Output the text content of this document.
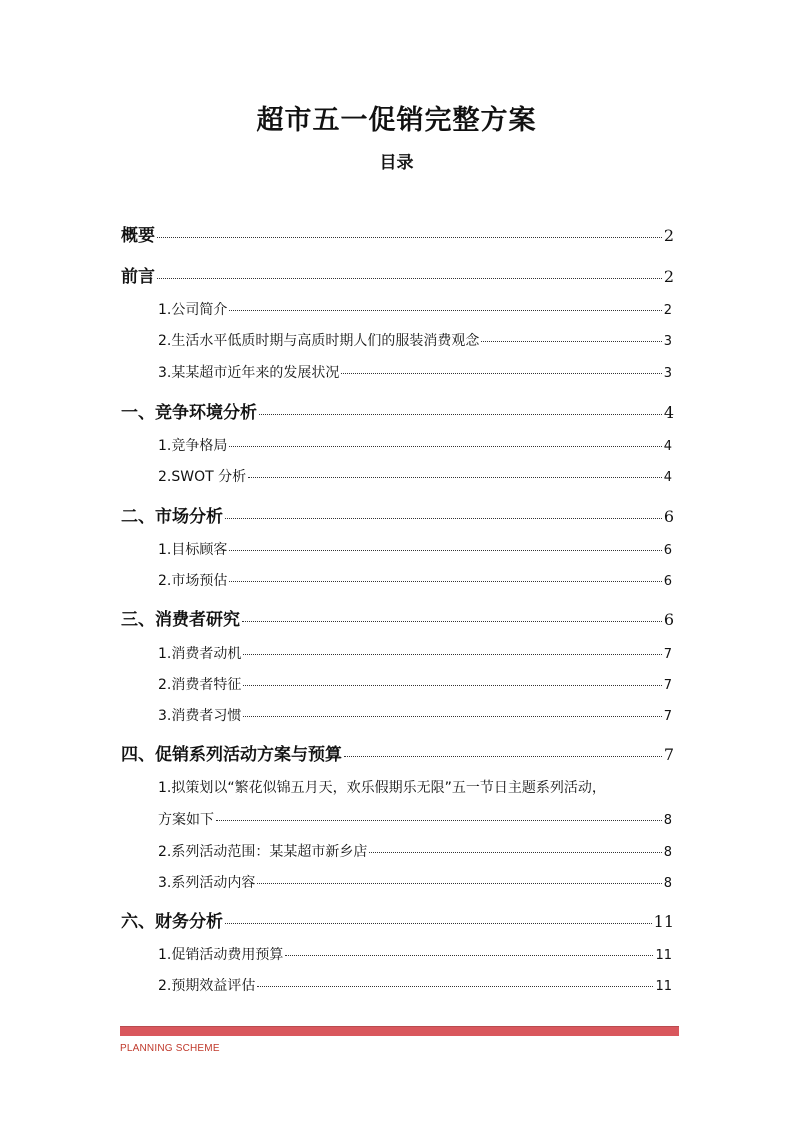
超市五一促销完整方案
目录
概要	2
前言	2
1.公司简介	2
2.生活水平低质时期与高质时期人们的服装消费观念	3
3.某某超市近年来的发展状况	3
一、竞争环境分析	4
1.竞争格局	4
2.SWOT 分析	4
二、市场分析	6
1.目标顾客	6
2.市场预估	6
三、消费者研究	6
1.消费者动机	7
2.消费者特征	7
3.消费者习惯	7
四、促销系列活动方案与预算	7
1.拟策划以“繁花似锦五月天，欢乐假期乐无限”五一节日主题系列活动，
方案如下	8
2.系列活动范围：某某超市新乡店	8
3.系列活动内容	8
六、财务分析	11
1.促销活动费用预算	11
2.预期效益评估	11
PLANNING SCHEME
